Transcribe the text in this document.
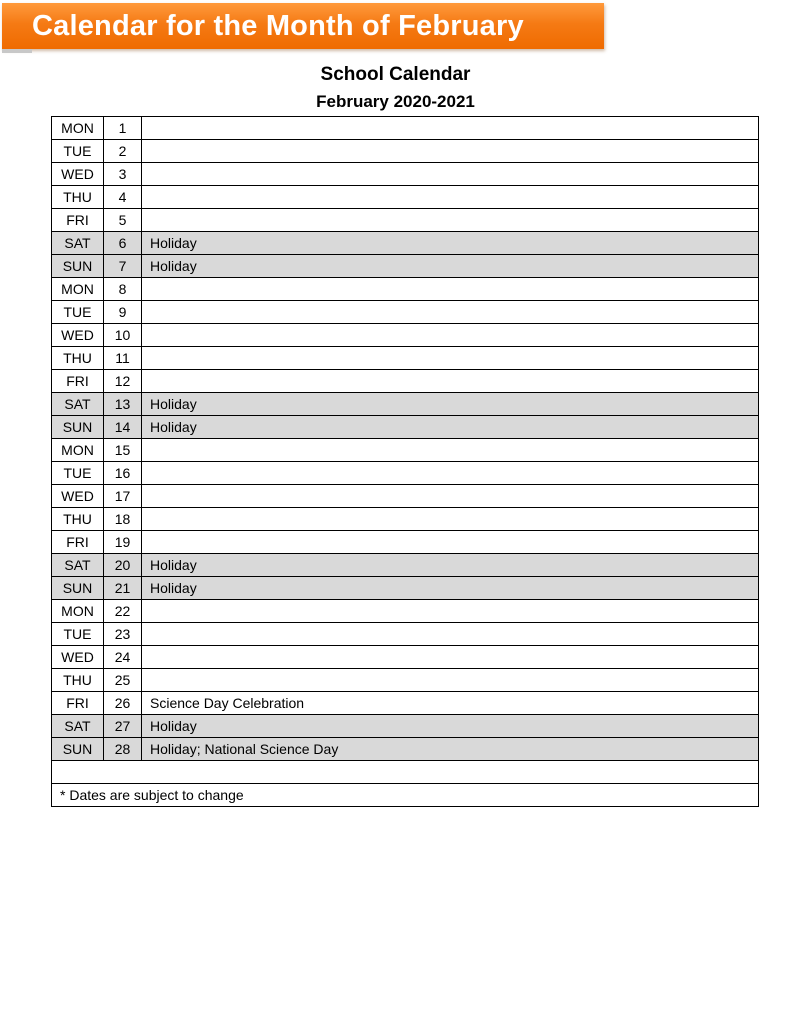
Calendar for the Month of February
School Calendar
February 2020-2021
MON	1	
TUE	2	
WED	3	
THU	4	
FRI	5	
SAT	6	Holiday
SUN	7	Holiday
MON	8	
TUE	9	
WED	10	
THU	11	
FRI	12	
SAT	13	Holiday
SUN	14	Holiday
MON	15	
TUE	16	
WED	17	
THU	18	
FRI	19	
SAT	20	Holiday
SUN	21	Holiday
MON	22	
TUE	23	
WED	24	
THU	25	
FRI	26	Science Day Celebration
SAT	27	Holiday
SUN	28	Holiday; National Science Day

* Dates are subject to change		
